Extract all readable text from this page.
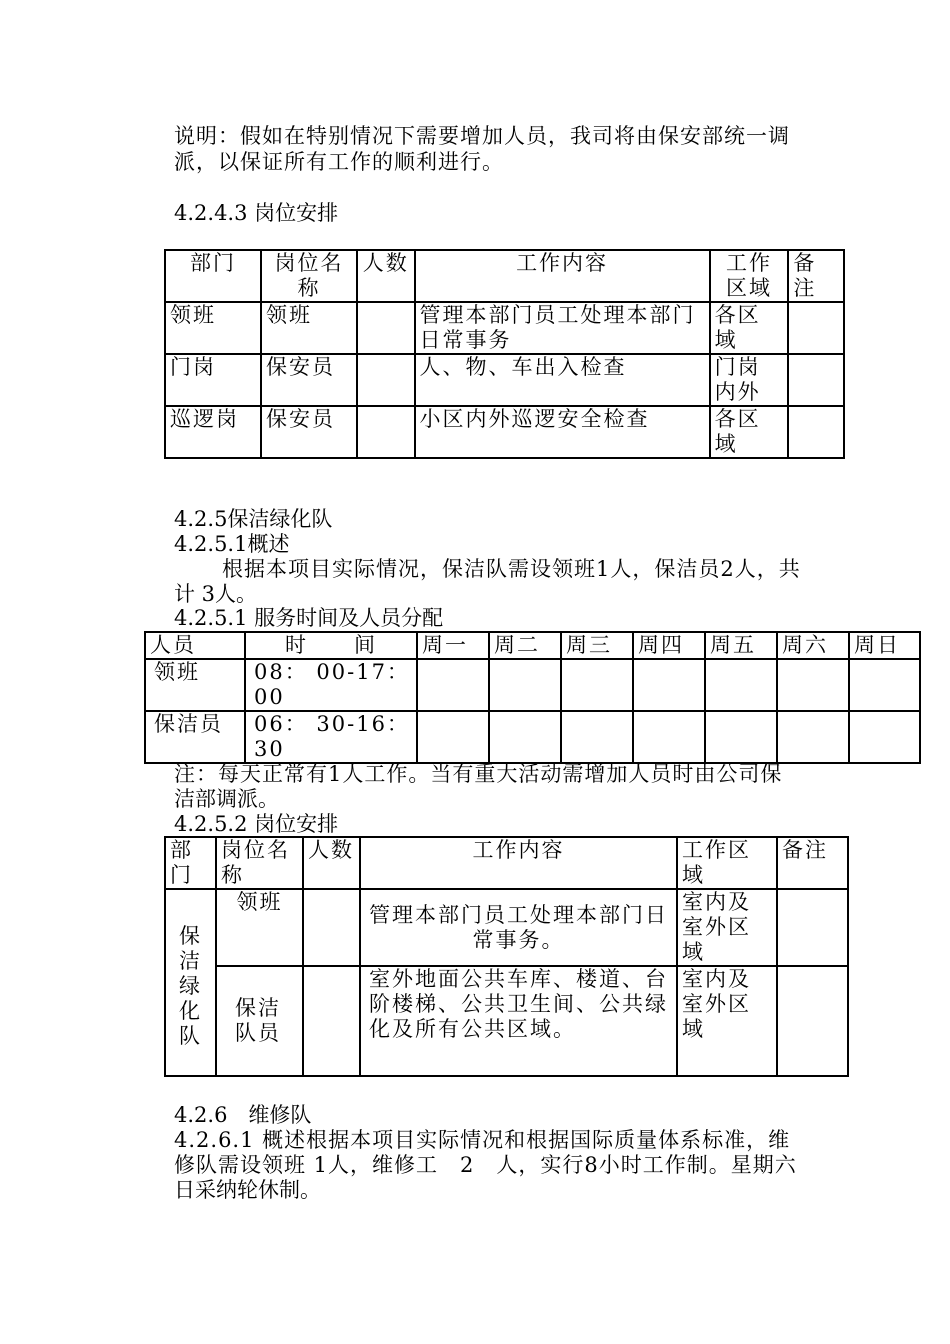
说明：假如在特别情况下需要增加人员，我司将由保安部统一调

派，以保证所有工作的顺利进行。

4.2.4.3 岗位安排

部门	岗位名称	人数	工作内容	工作区域	备注
领班	领班		管理本部门员工处理本部门日常事务	各区域	
门岗	保安员		人、物、车出入检查	门岗内外	
巡逻岗	保安员		小区内外巡逻安全检查	各区域	

4.2.5保洁绿化队

4.2.5.1概述

根据本项目实际情况，保洁队需设领班1人，保洁员2人，共

计 3人。

4.2.5.1 服务时间及人员分配

人员	时　　间	周一	周二	周三	周四	周五	周六	周日
领班	08： 00-17：00							
保洁员	06： 30-16：30							

注：每天正常有1人工作。当有重大活动需增加人员时由公司保

洁部调派。

4.2.5.2 岗位安排

部门	岗位名称	人数	工作内容	工作区域	备注
保洁绿化队	领班		管理本部门员工处理本部门日常事务。	室内及室外区域	
	保洁队员		室外地面公共车库、楼道、台阶楼梯、公共卫生间、公共绿化及所有公共区域。	室内及室外区域	

4.2.6　维修队

4.2.6.1 概述根据本项目实际情况和根据国际质量体系标准，维

修队需设领班 1人，维修工　2　人，实行8小时工作制。星期六

日采纳轮休制。
